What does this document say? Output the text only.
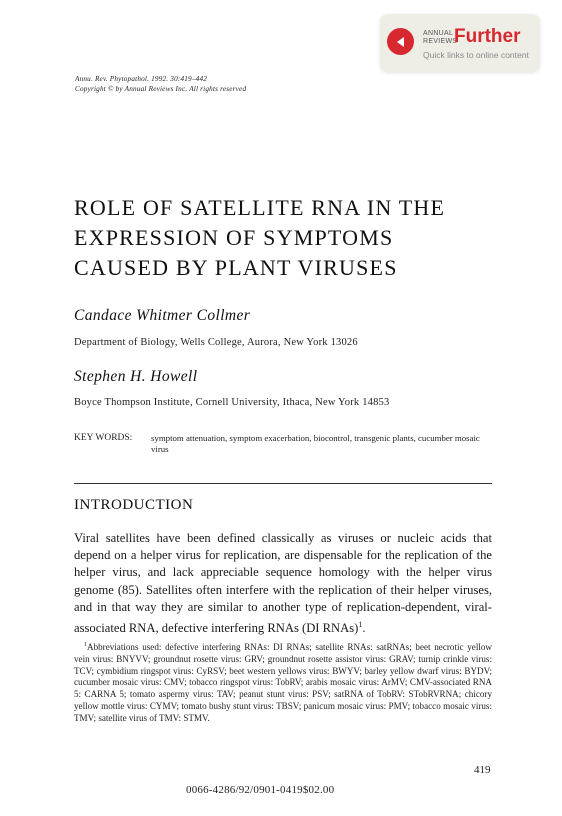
ANNUAL
REVIEWS
Further
Quick links to online content
Annu. Rev. Phytopathol. 1992. 30:419–442
Copyright © by Annual Reviews Inc. All rights reserved
ROLE OF SATELLITE RNA IN THE
EXPRESSION OF SYMPTOMS
CAUSED BY PLANT VIRUSES
Candace Whitmer Collmer
Department of Biology, Wells College, Aurora, New York 13026
Stephen H. Howell
Boyce Thompson Institute, Cornell University, Ithaca, New York 14853
KEY WORDS: symptom attenuation, symptom exacerbation, biocontrol, transgenic plants, cucumber mosaic virus
INTRODUCTION
Viral satellites have been defined classically as viruses or nucleic acids that depend on a helper virus for replication, are dispensable for the replication of the helper virus, and lack appreciable sequence homology with the helper virus genome (85). Satellites often interfere with the replication of their helper viruses, and in that way they are similar to another type of replication-dependent, viral-associated RNA, defective interfering RNAs (DI RNAs)$^1$.
$^1$Abbreviations used: defective interfering RNAs: DI RNAs; satellite RNAs: satRNAs; beet necrotic yellow vein virus: BNYVV; groundnut rosette virus: GRV; groundnut rosette assistor virus: GRAV; turnip crinkle virus: TCV; cymbidium ringspot virus: CyRSV; beet western yellows virus: BWYV; barley yellow dwarf virus: BYDV; cucumber mosaic virus: CMV; tobacco ringspot virus: TobRV; arabis mosaic virus: ArMV; CMV-associated RNA 5: CARNA 5; tomato aspermy virus: TAV; peanut stunt virus: PSV; satRNA of TobRV: STobRVRNA; chicory yellow mottle virus: CYMV; tomato bushy stunt virus: TBSV; panicum mosaic virus: PMV; tobacco mosaic virus: TMV; satellite virus of TMV: STMV.
419
0066-4286/92/0901-0419$02.00
